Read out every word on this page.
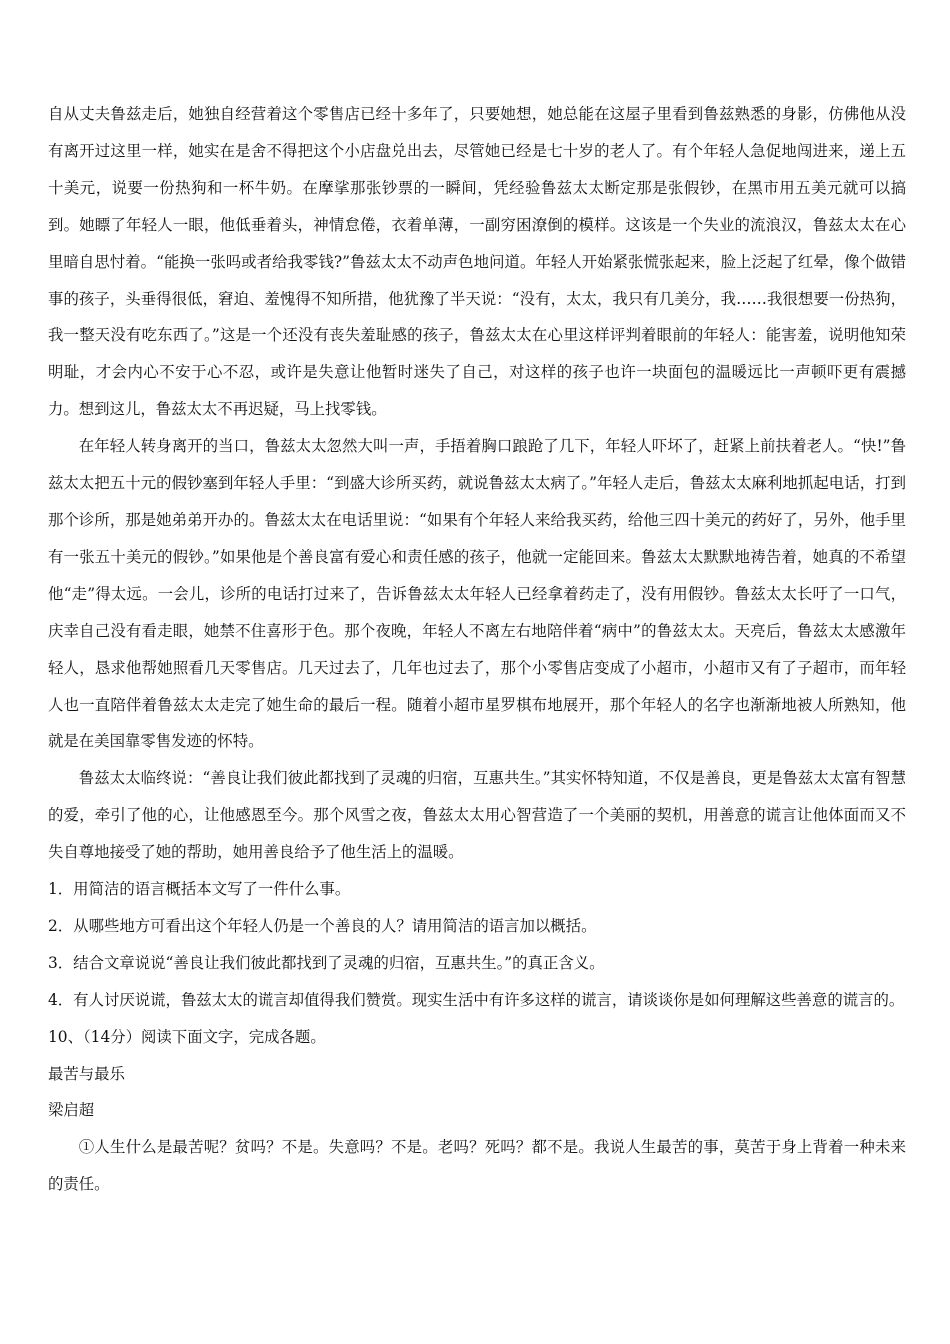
自从丈夫鲁兹走后，她独自经营着这个零售店已经十多年了，只要她想，她总能在这屋子里看到鲁兹熟悉的身影，仿佛他从没有离开过这里一样，她实在是舍不得把这个小店盘兑出去，尽管她已经是七十岁的老人了。有个年轻人急促地闯进来，递上五十美元，说要一份热狗和一杯牛奶。在摩挲那张钞票的一瞬间，凭经验鲁兹太太断定那是张假钞，在黑市用五美元就可以搞到。她瞟了年轻人一眼，他低垂着头，神情怠倦，衣着单薄，一副穷困潦倒的模样。这该是一个失业的流浪汉，鲁兹太太在心里暗自思忖着。“能换一张吗或者给我零钱?”鲁兹太太不动声色地问道。年轻人开始紧张慌张起来，脸上泛起了红晕，像个做错事的孩子，头垂得很低，窘迫、羞愧得不知所措，他犹豫了半天说：“没有，太太，我只有几美分，我……我很想要一份热狗，我一整天没有吃东西了。”这是一个还没有丧失羞耻感的孩子，鲁兹太太在心里这样评判着眼前的年轻人：能害羞，说明他知荣明耻，才会内心不安于心不忍，或许是失意让他暂时迷失了自己，对这样的孩子也许一块面包的温暖远比一声顿吓更有震撼力。想到这儿，鲁兹太太不再迟疑，马上找零钱。

在年轻人转身离开的当口，鲁兹太太忽然大叫一声，手捂着胸口踉跄了几下，年轻人吓坏了，赶紧上前扶着老人。“快!”鲁兹太太把五十元的假钞塞到年轻人手里：“到盛大诊所买药，就说鲁兹太太病了。”年轻人走后，鲁兹太太麻利地抓起电话，打到那个诊所，那是她弟弟开办的。鲁兹太太在电话里说：“如果有个年轻人来给我买药，给他三四十美元的药好了，另外，他手里有一张五十美元的假钞。”如果他是个善良富有爱心和责任感的孩子，他就一定能回来。鲁兹太太默默地祷告着，她真的不希望他“走”得太远。一会儿，诊所的电话打过来了，告诉鲁兹太太年轻人已经拿着药走了，没有用假钞。鲁兹太太长吁了一口气，庆幸自己没有看走眼，她禁不住喜形于色。那个夜晚，年轻人不离左右地陪伴着“病中”的鲁兹太太。天亮后，鲁兹太太感激年轻人，恳求他帮她照看几天零售店。几天过去了，几年也过去了，那个小零售店变成了小超市，小超市又有了子超市，而年轻人也一直陪伴着鲁兹太太走完了她生命的最后一程。随着小超市星罗棋布地展开，那个年轻人的名字也渐渐地被人所熟知，他就是在美国靠零售发迹的怀特。

鲁兹太太临终说：“善良让我们彼此都找到了灵魂的归宿，互惠共生。”其实怀特知道，不仅是善良，更是鲁兹太太富有智慧的爱，牵引了他的心，让他感恩至今。那个风雪之夜，鲁兹太太用心智营造了一个美丽的契机，用善意的谎言让他体面而又不失自尊地接受了她的帮助，她用善良给予了他生活上的温暖。

1．用简洁的语言概括本文写了一件什么事。

2．从哪些地方可看出这个年轻人仍是一个善良的人？请用简洁的语言加以概括。

3．结合文章说说“善良让我们彼此都找到了灵魂的归宿，互惠共生。”的真正含义。

4．有人讨厌说谎，鲁兹太太的谎言却值得我们赞赏。现实生活中有许多这样的谎言，请谈谈你是如何理解这些善意的谎言的。

10、（14分）阅读下面文字，完成各题。

最苦与最乐

梁启超

①人生什么是最苦呢？贫吗？不是。失意吗？不是。老吗？死吗？都不是。我说人生最苦的事，莫苦于身上背着一种未来的责任。
